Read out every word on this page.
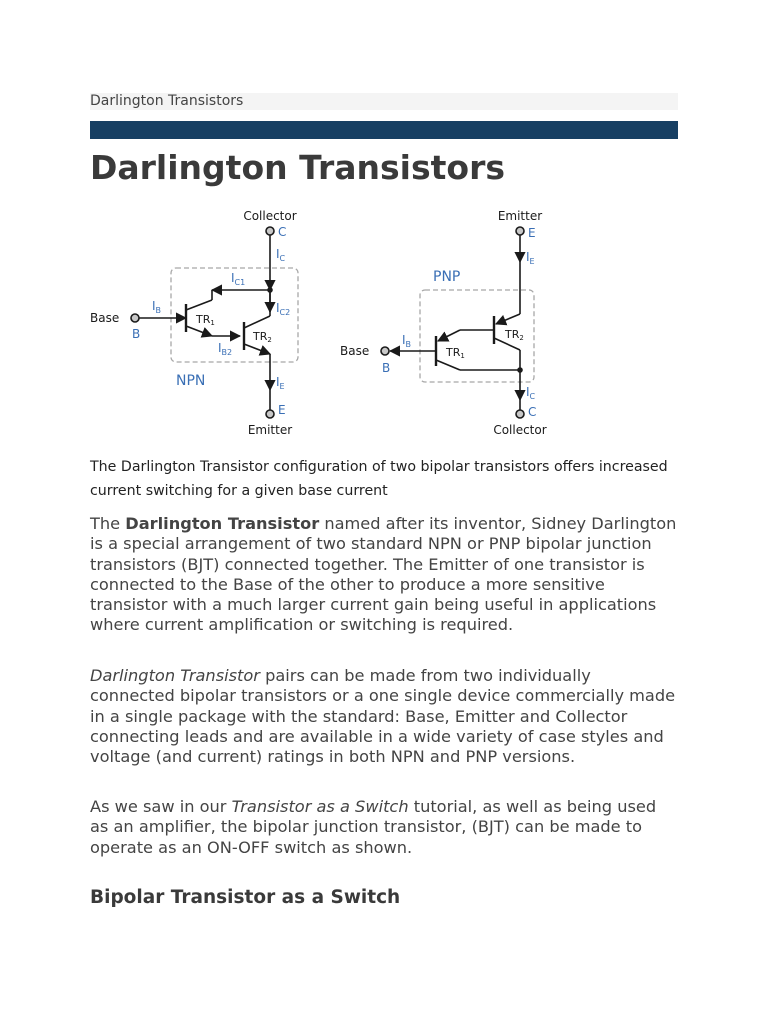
Darlington Transistors
Darlington Transistors
Collector
C
$I_C$
$I_{C1}$
$I_{C2}$
Base
B
$I_B$
$I_{B2}$
TR1
TR2
NPN	$I_E$
E
Emitter
Emitter
E
$I_E$
PNP
TR2
$I_B$
Base
B
TR1
$I_C$
C
Collector
The Darlington Transistor configuration of two bipolar transistors offers increased current switching for a given base current

The Darlington Transistor named after its inventor, Sidney Darlington is a special arrangement of two standard NPN or PNP bipolar junction transistors (BJT) connected together. The Emitter of one transistor is connected to the Base of the other to produce a more sensitive transistor with a much larger current gain being useful in applications where current amplification or switching is required.

Darlington Transistor pairs can be made from two individually connected bipolar transistors or a one single device commercially made in a single package with the standard: Base, Emitter and Collector connecting leads and are available in a wide variety of case styles and voltage (and current) ratings in both NPN and PNP versions.

As we saw in our Transistor as a Switch tutorial, as well as being used as an amplifier, the bipolar junction transistor, (BJT) can be made to operate as an ON-OFF switch as shown.

Bipolar Transistor as a Switch
